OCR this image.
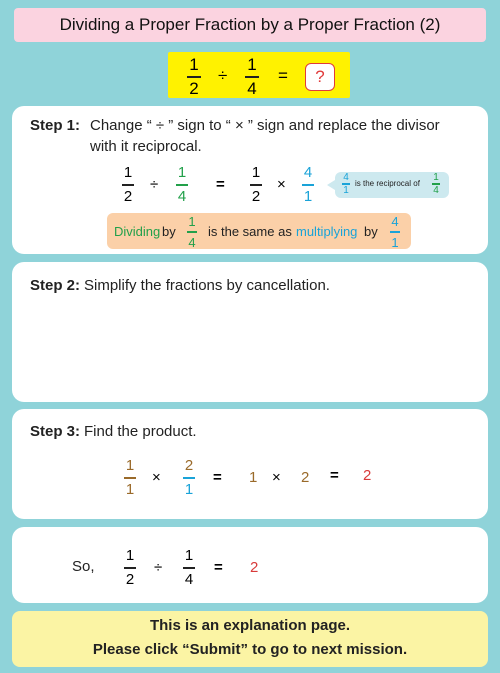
Dividing a Proper Fraction by a Proper Fraction (2)
1
2
÷
1
4
=	?
Step 1: Change “ ÷ ” sign to “ × ” sign and replace the divisor
with it reciprocal.
1
2
÷
1
4
=
1
2
×
4
1
4
1
is the reciprocal of
1
4
Dividing by
1
4
is the same as multiplying by
4
1
Step 2: Simplify the fractions by cancellation.
Step 3: Find the product.
1
1
×
2
1
= 1 × 2 = 2
So,
1
2
÷
1
4
= 2
This is an explanation page.
Please click “Submit” to go to next mission.
